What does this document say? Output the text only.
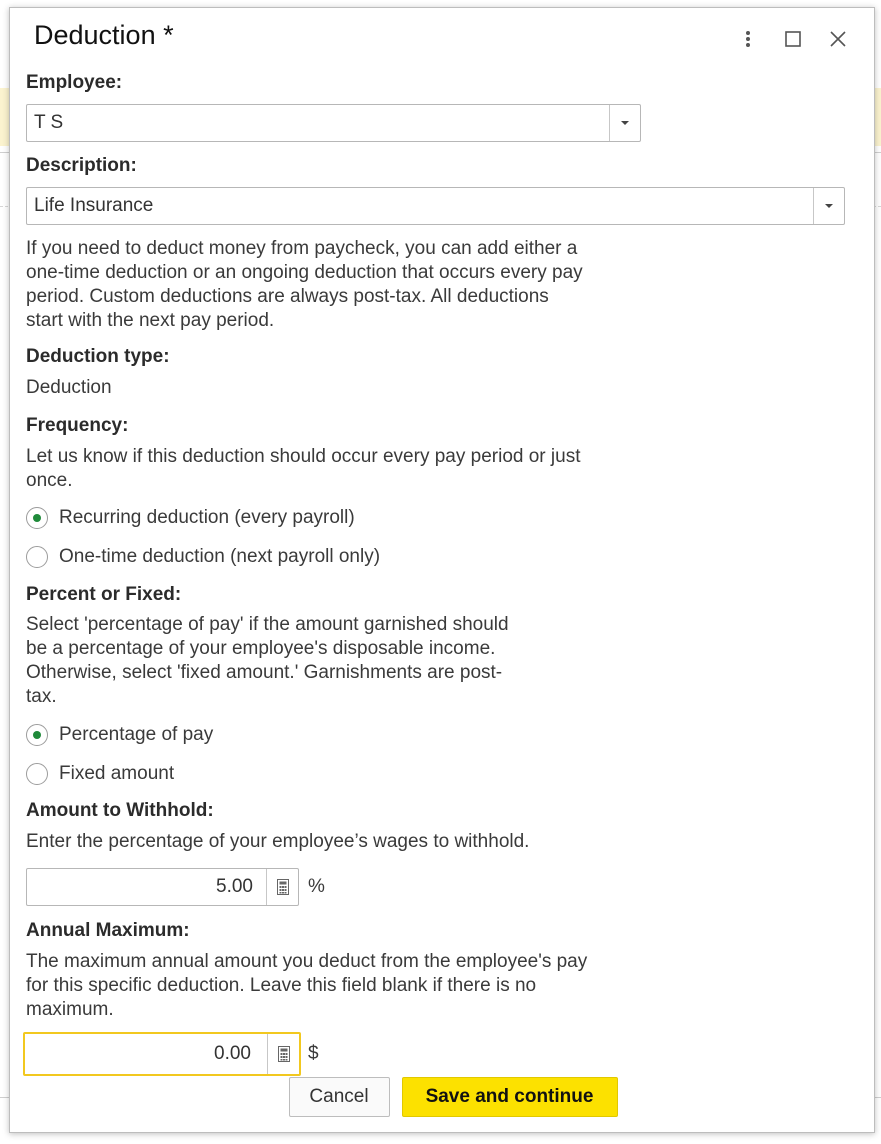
Deduction *
Employee:
T S
Description:
Life Insurance
If you need to deduct money from paycheck, you can add either a
one-time deduction or an ongoing deduction that occurs every pay
period. Custom deductions are always post-tax. All deductions
start with the next pay period.
Deduction type:
Deduction
Frequency:
Let us know if this deduction should occur every pay period or just
once.
Recurring deduction (every payroll)
One-time deduction (next payroll only)
Percent or Fixed:
Select 'percentage of pay' if the amount garnished should
be a percentage of your employee's disposable income.
Otherwise, select 'fixed amount.' Garnishments are post-
tax.
Percentage of pay
Fixed amount
Amount to Withhold:
Enter the percentage of your employee’s wages to withhold.
5.00
%
Annual Maximum:
The maximum annual amount you deduct from the employee's pay
for this specific deduction. Leave this field blank if there is no
maximum.
0.00
$
Cancel	Save and continue
